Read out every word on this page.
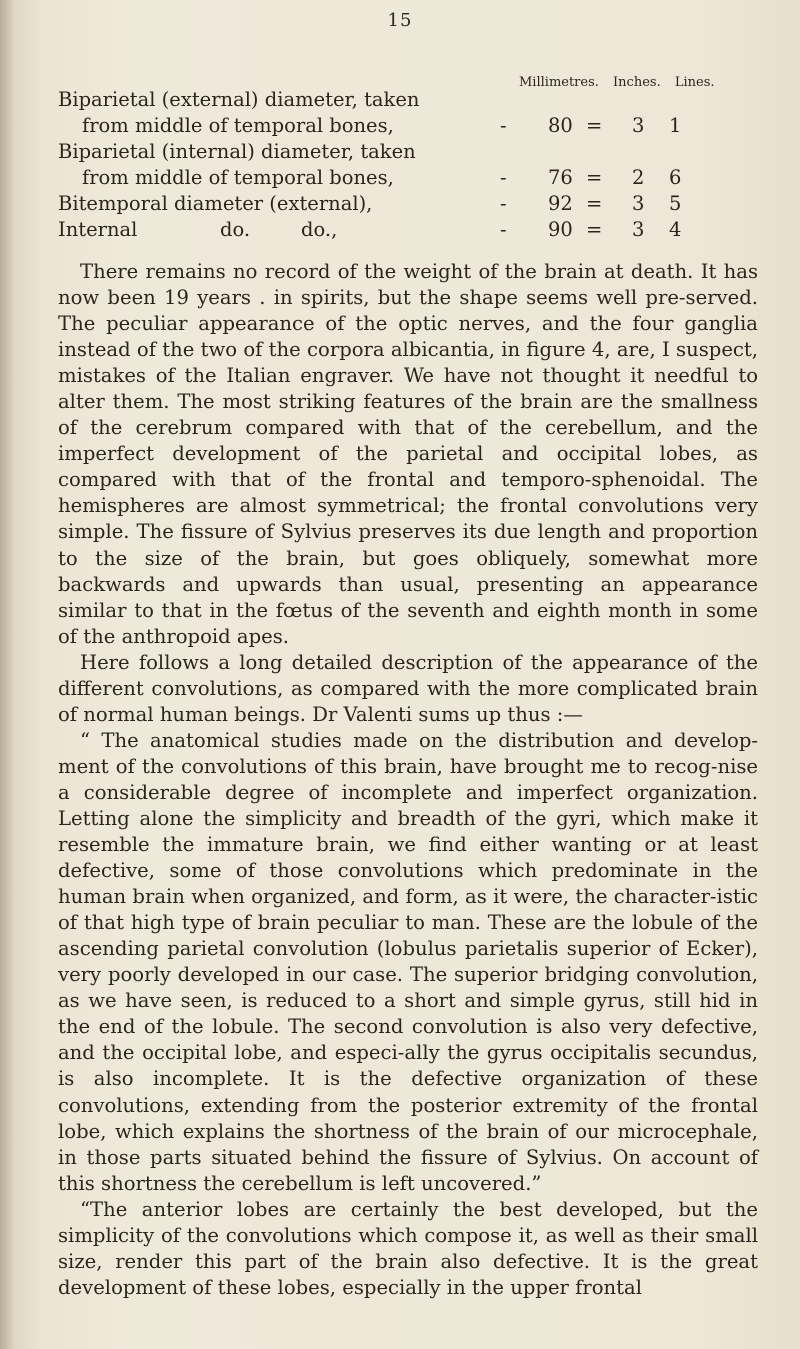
15
Millimetres. Inches. Lines.
Biparietal (external) diameter, taken
from middle of temporal bones,	- 80 = 3 1
Biparietal (internal) diameter, taken
from middle of temporal bones,	- 76 = 2 6
Bitemporal diameter (external),	- 92 = 3 5
Internal	do.	do.,	- 90 = 3 4

There remains no record of the weight of the brain at death. It has now been 19 years . in spirits, but the shape seems well pre-served. The peculiar appearance of the optic nerves, and the four ganglia instead of the two of the corpora albicantia, in figure 4, are, I suspect, mistakes of the Italian engraver. We have not thought it needful to alter them. The most striking features of the brain are the smallness of the cerebrum compared with that of the cerebellum, and the imperfect development of the parietal and occipital lobes, as compared with that of the frontal and temporo-sphenoidal. The hemispheres are almost symmetrical; the frontal convolutions very simple. The fissure of Sylvius preserves its due length and proportion to the size of the brain, but goes obliquely, somewhat more backwards and upwards than usual, presenting an appearance similar to that in the fœtus of the seventh and eighth month in some of the anthropoid apes.

Here follows a long detailed description of the appearance of the different convolutions, as compared with the more complicated brain of normal human beings. Dr Valenti sums up thus :—

“ The anatomical studies made on the distribution and develop-ment of the convolutions of this brain, have brought me to recog-nise a considerable degree of incomplete and imperfect organization. Letting alone the simplicity and breadth of the gyri, which make it resemble the immature brain, we find either wanting or at least defective, some of those convolutions which predominate in the human brain when organized, and form, as it were, the character-istic of that high type of brain peculiar to man. These are the lobule of the ascending parietal convolution (lobulus parietalis superior of Ecker), very poorly developed in our case. The superior bridging convolution, as we have seen, is reduced to a short and simple gyrus, still hid in the end of the lobule. The second convolution is also very defective, and the occipital lobe, and especi-ally the gyrus occipitalis secundus, is also incomplete. It is the defective organization of these convolutions, extending from the posterior extremity of the frontal lobe, which explains the shortness of the brain of our microcephale, in those parts situated behind the fissure of Sylvius. On account of this shortness the cerebellum is left uncovered.”

“The anterior lobes are certainly the best developed, but the simplicity of the convolutions which compose it, as well as their small size, render this part of the brain also defective. It is the great development of these lobes, especially in the upper frontal
